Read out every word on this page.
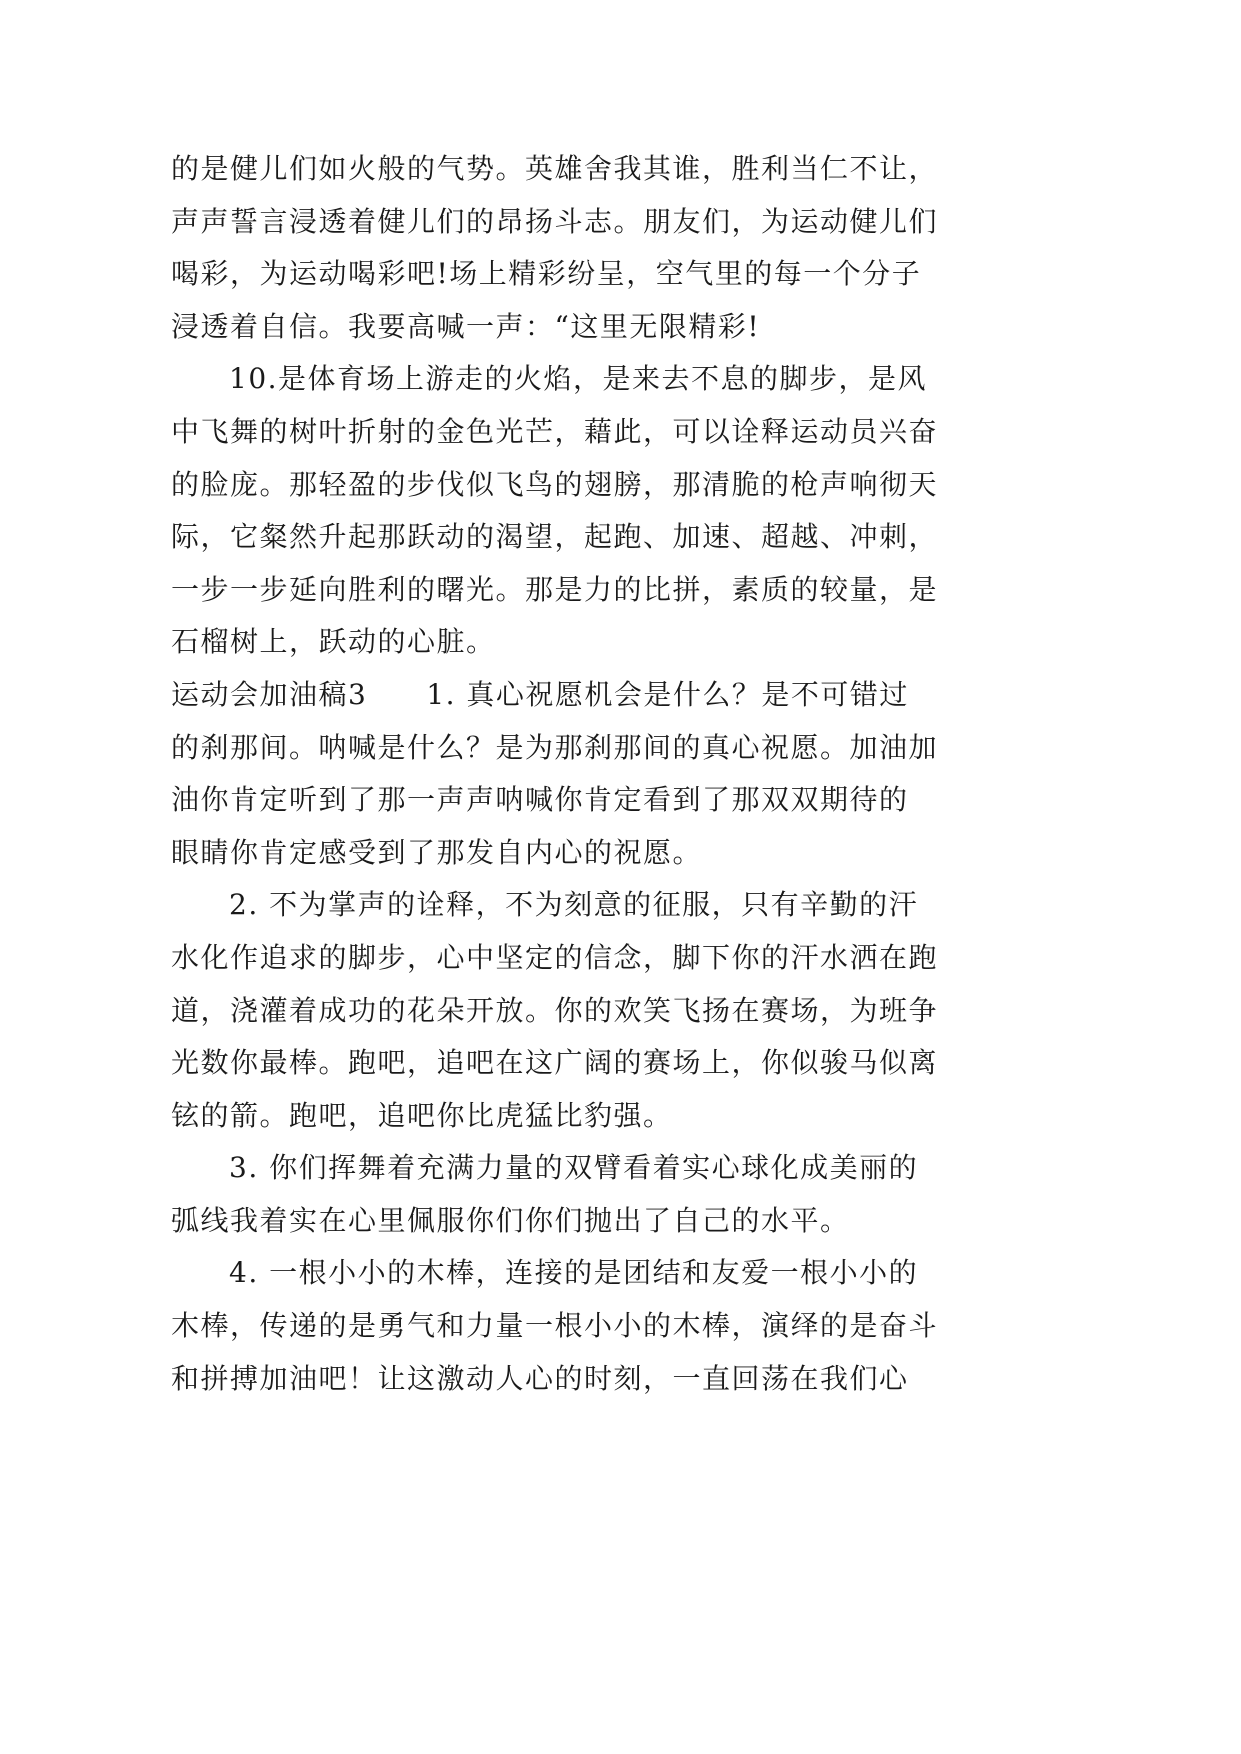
的是健儿们如火般的气势。英雄舍我其谁，胜利当仁不让，
声声誓言浸透着健儿们的昂扬斗志。朋友们，为运动健儿们
喝彩，为运动喝彩吧!场上精彩纷呈，空气里的每一个分子
浸透着自信。我要高喊一声：“这里无限精彩!
10.是体育场上游走的火焰，是来去不息的脚步，是风
中飞舞的树叶折射的金色光芒，藉此，可以诠释运动员兴奋
的脸庞。那轻盈的步伐似飞鸟的翅膀，那清脆的枪声响彻天
际，它粲然升起那跃动的渴望，起跑、加速、超越、冲刺，
一步一步延向胜利的曙光。那是力的比拼，素质的较量，是
石榴树上，跃动的心脏。
运动会加油稿3　　1. 真心祝愿机会是什么？是不可错过
的刹那间。呐喊是什么？是为那刹那间的真心祝愿。加油加
油你肯定听到了那一声声呐喊你肯定看到了那双双期待的
眼睛你肯定感受到了那发自内心的祝愿。
2. 不为掌声的诠释，不为刻意的征服，只有辛勤的汗
水化作追求的脚步，心中坚定的信念，脚下你的汗水洒在跑
道，浇灌着成功的花朵开放。你的欢笑飞扬在赛场，为班争
光数你最棒。跑吧，追吧在这广阔的赛场上，你似骏马似离
铉的箭。跑吧，追吧你比虎猛比豹强。
3. 你们挥舞着充满力量的双臂看着实心球化成美丽的
弧线我着实在心里佩服你们你们抛出了自己的水平。
4. 一根小小的木棒，连接的是团结和友爱一根小小的
木棒，传递的是勇气和力量一根小小的木棒，演绎的是奋斗
和拼搏加油吧！让这激动人心的时刻，一直回荡在我们心
